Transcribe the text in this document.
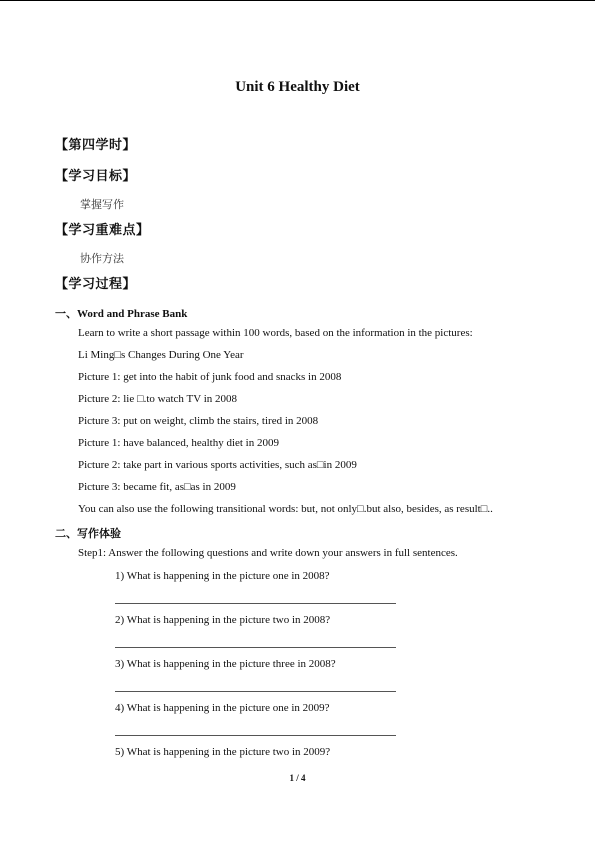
Unit 6 Healthy Diet
【第四学时】
【学习目标】
掌握写作
【学习重难点】
协作方法
【学习过程】
一、Word and Phrase Bank
Learn to write a short passage within 100 words, based on the information in the pictures:
Li Ming□s Changes During One Year
Picture 1: get into the habit of junk food and snacks in 2008
Picture 2: lie □.to watch TV in 2008
Picture 3: put on weight, climb the stairs, tired in 2008
Picture 1: have balanced, healthy diet in 2009
Picture 2: take part in various sports activities, such as□in 2009
Picture 3: became fit, as□as in 2009
You can also use the following transitional words: but, not only□.but also, besides, as result□..
二、写作体验
Step1: Answer the following questions and write down your answers in full sentences.
1) What is happening in the picture one in 2008?
2) What is happening in the picture two in 2008?
3) What is happening in the picture three in 2008?
4) What is happening in the picture one in 2009?
5) What is happening in the picture two in 2009?
1 / 4
